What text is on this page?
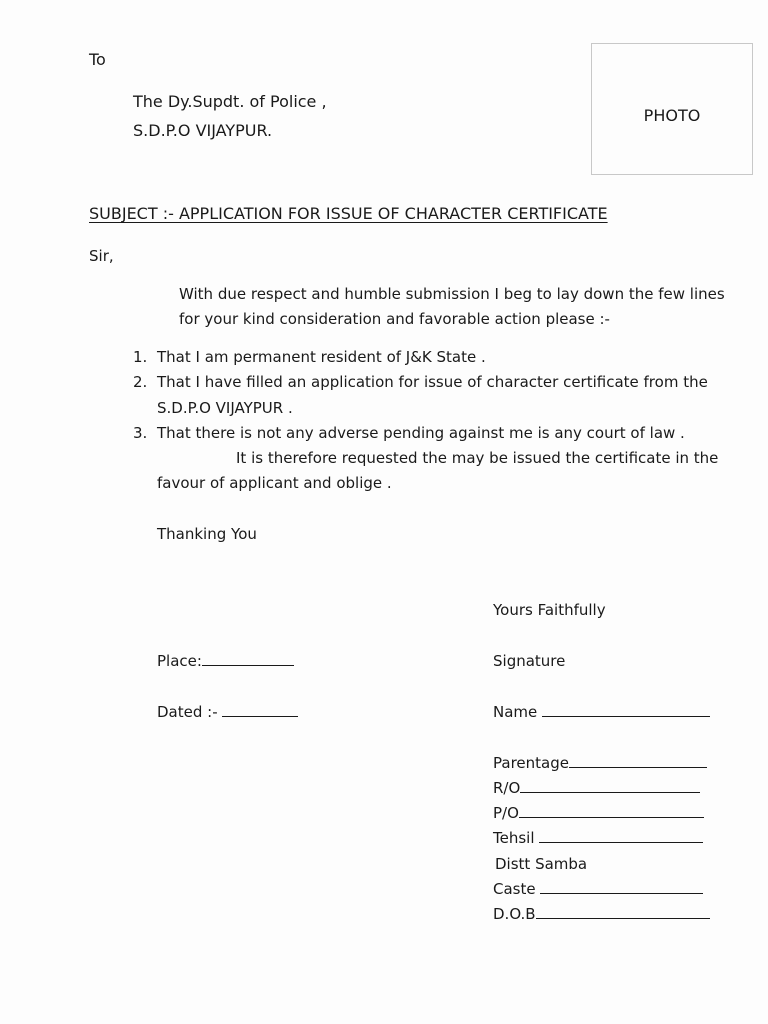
To
The Dy.Supdt. of Police ,
S.D.P.O VIJAYPUR.
PHOTO
SUBJECT :- APPLICATION FOR ISSUE OF CHARACTER CERTIFICATE
Sir,
With due respect and humble submission I beg to lay down the few lines
for your kind consideration and favorable action please :-
1. That I am permanent resident of J&K State .
2. That I have filled an application for issue of character certificate from the
S.D.P.O VIJAYPUR .
3. That there is not any adverse pending against me is any court of law .
It is therefore requested the may be issued the certificate in the
favour of applicant and oblige .
Thanking You
Yours Faithfully
Place:	Signature
Dated :-	Name
Parentage
R/O
P/O
Tehsil
Distt Samba
Caste
D.O.B
